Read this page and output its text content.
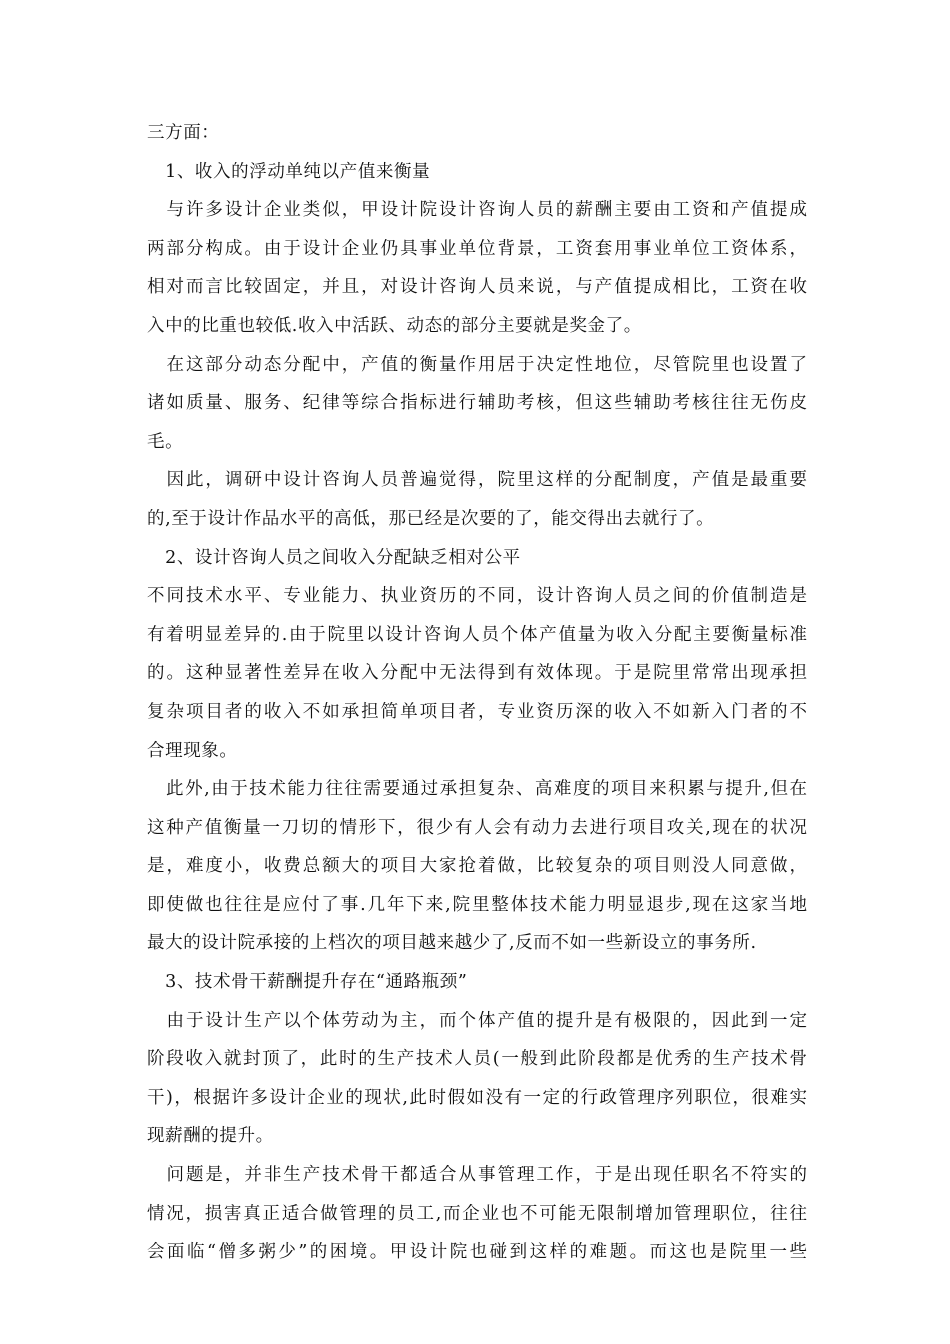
三方面：
　1、收入的浮动单纯以产值来衡量
　与许多设计企业类似，甲设计院设计咨询人员的薪酬主要由工资和产值提成
两部分构成。由于设计企业仍具事业单位背景，工资套用事业单位工资体系，
相对而言比较固定，并且，对设计咨询人员来说，与产值提成相比，工资在收
入中的比重也较低.收入中活跃、动态的部分主要就是奖金了。
　在这部分动态分配中，产值的衡量作用居于决定性地位，尽管院里也设置了
诸如质量、服务、纪律等综合指标进行辅助考核，但这些辅助考核往往无伤皮
毛。
　因此，调研中设计咨询人员普遍觉得，院里这样的分配制度，产值是最重要
的,至于设计作品水平的高低，那已经是次要的了，能交得出去就行了。
　2、设计咨询人员之间收入分配缺乏相对公平
不同技术水平、专业能力、执业资历的不同，设计咨询人员之间的价值制造是
有着明显差异的.由于院里以设计咨询人员个体产值量为收入分配主要衡量标准
的。这种显著性差异在收入分配中无法得到有效体现。于是院里常常出现承担
复杂项目者的收入不如承担简单项目者，专业资历深的收入不如新入门者的不
合理现象。
　此外,由于技术能力往往需要通过承担复杂、高难度的项目来积累与提升,但在
这种产值衡量一刀切的情形下，很少有人会有动力去进行项目攻关,现在的状况
是，难度小，收费总额大的项目大家抢着做，比较复杂的项目则没人同意做，
即使做也往往是应付了事.几年下来,院里整体技术能力明显退步,现在这家当地
最大的设计院承接的上档次的项目越来越少了,反而不如一些新设立的事务所.
　3、技术骨干薪酬提升存在“通路瓶颈”
　由于设计生产以个体劳动为主，而个体产值的提升是有极限的，因此到一定
阶段收入就封顶了，此时的生产技术人员(一般到此阶段都是优秀的生产技术骨
干)，根据许多设计企业的现状,此时假如没有一定的行政管理序列职位，很难实
现薪酬的提升。
　问题是，并非生产技术骨干都适合从事管理工作，于是出现任职名不符实的
情况，损害真正适合做管理的员工,而企业也不可能无限制增加管理职位，往往
会面临“僧多粥少”的困境。甲设计院也碰到这样的难题。而这也是院里一些
